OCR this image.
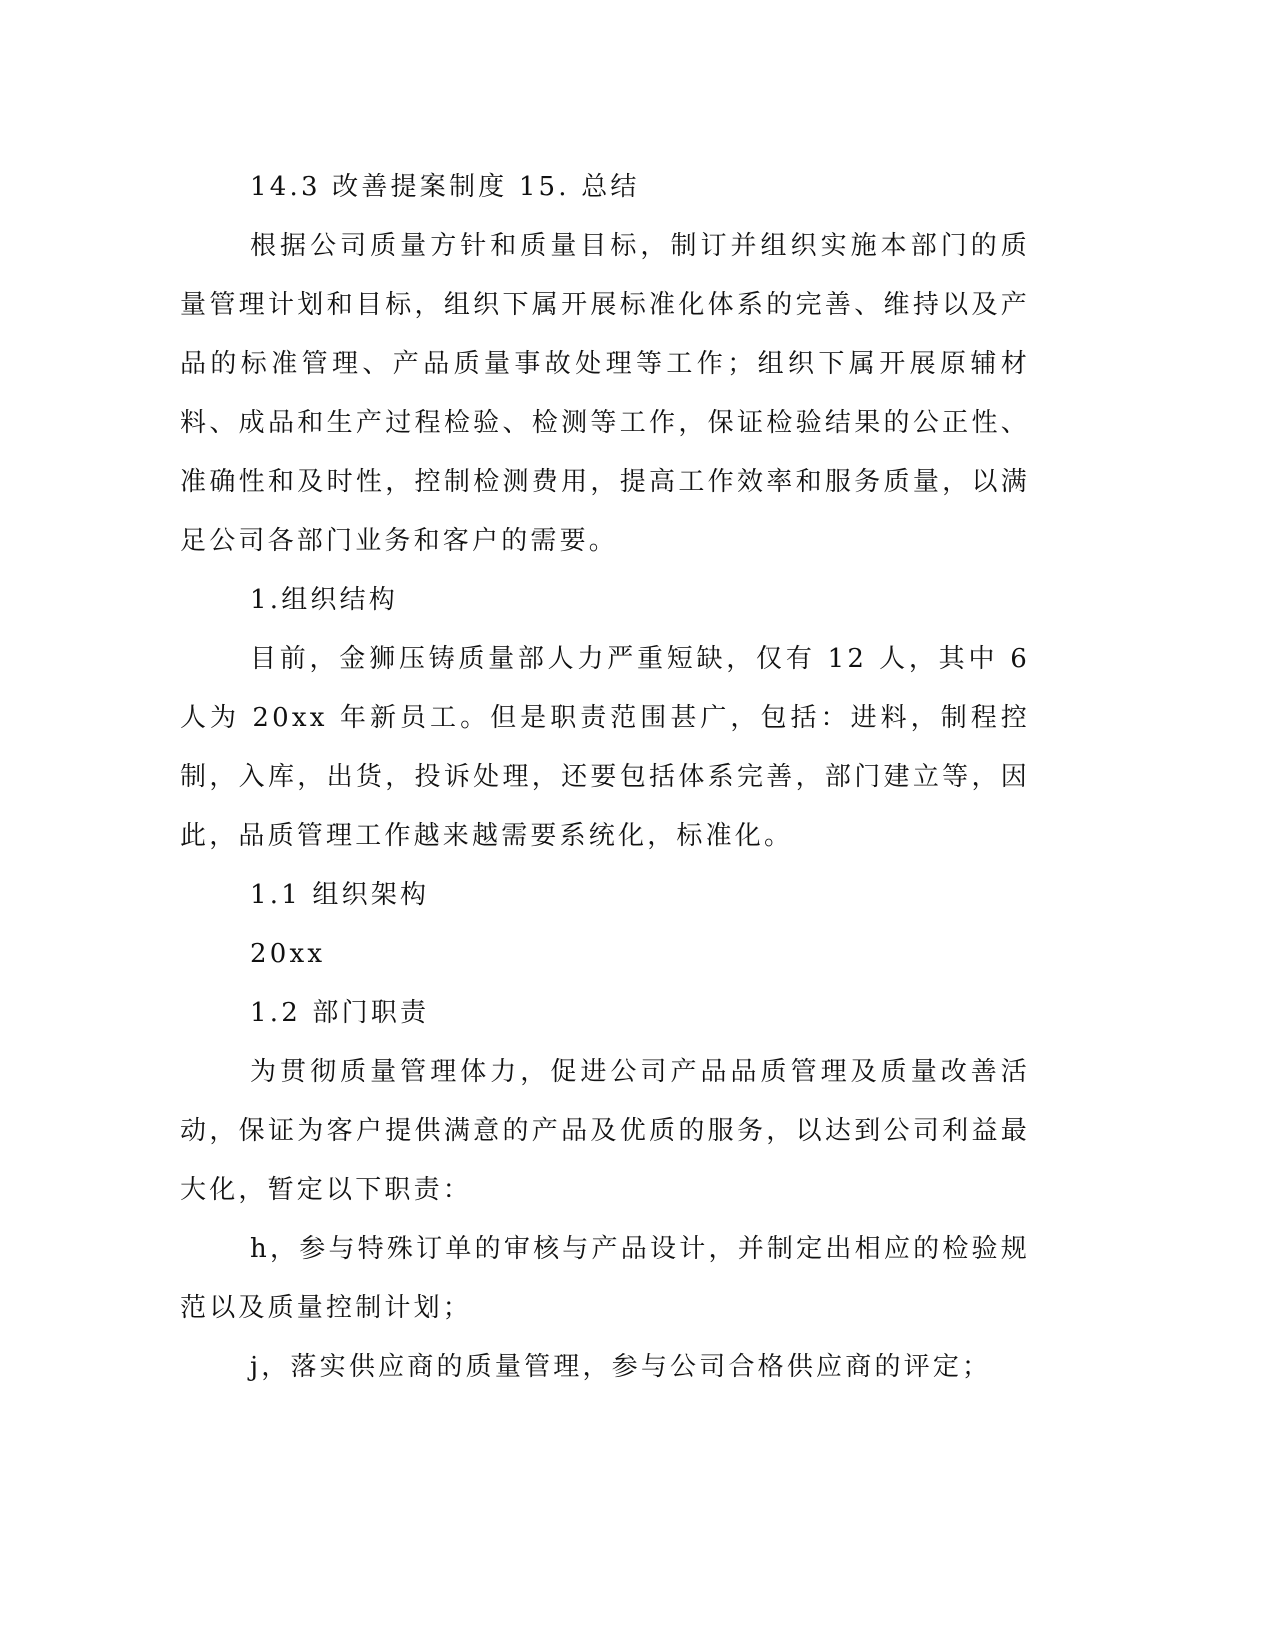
14.3 改善提案制度 15. 总结

根据公司质量方针和质量目标，制订并组织实施本部门的质量管理计划和目标，组织下属开展标准化体系的完善、维持以及产品的标准管理、产品质量事故处理等工作；组织下属开展原辅材料、成品和生产过程检验、检测等工作，保证检验结果的公正性、准确性和及时性，控制检测费用，提高工作效率和服务质量，以满足公司各部门业务和客户的需要。

1.组织结构

目前，金狮压铸质量部人力严重短缺，仅有 12 人，其中 6 人为 20xx 年新员工。但是职责范围甚广，包括：进料，制程控制，入库，出货，投诉处理，还要包括体系完善，部门建立等，因此，品质管理工作越来越需要系统化，标准化。

1.1 组织架构

20xx

1.2 部门职责

为贯彻质量管理体力，促进公司产品品质管理及质量改善活动，保证为客户提供满意的产品及优质的服务，以达到公司利益最大化，暂定以下职责：

h，参与特殊订单的审核与产品设计，并制定出相应的检验规范以及质量控制计划；

j，落实供应商的质量管理，参与公司合格供应商的评定；
